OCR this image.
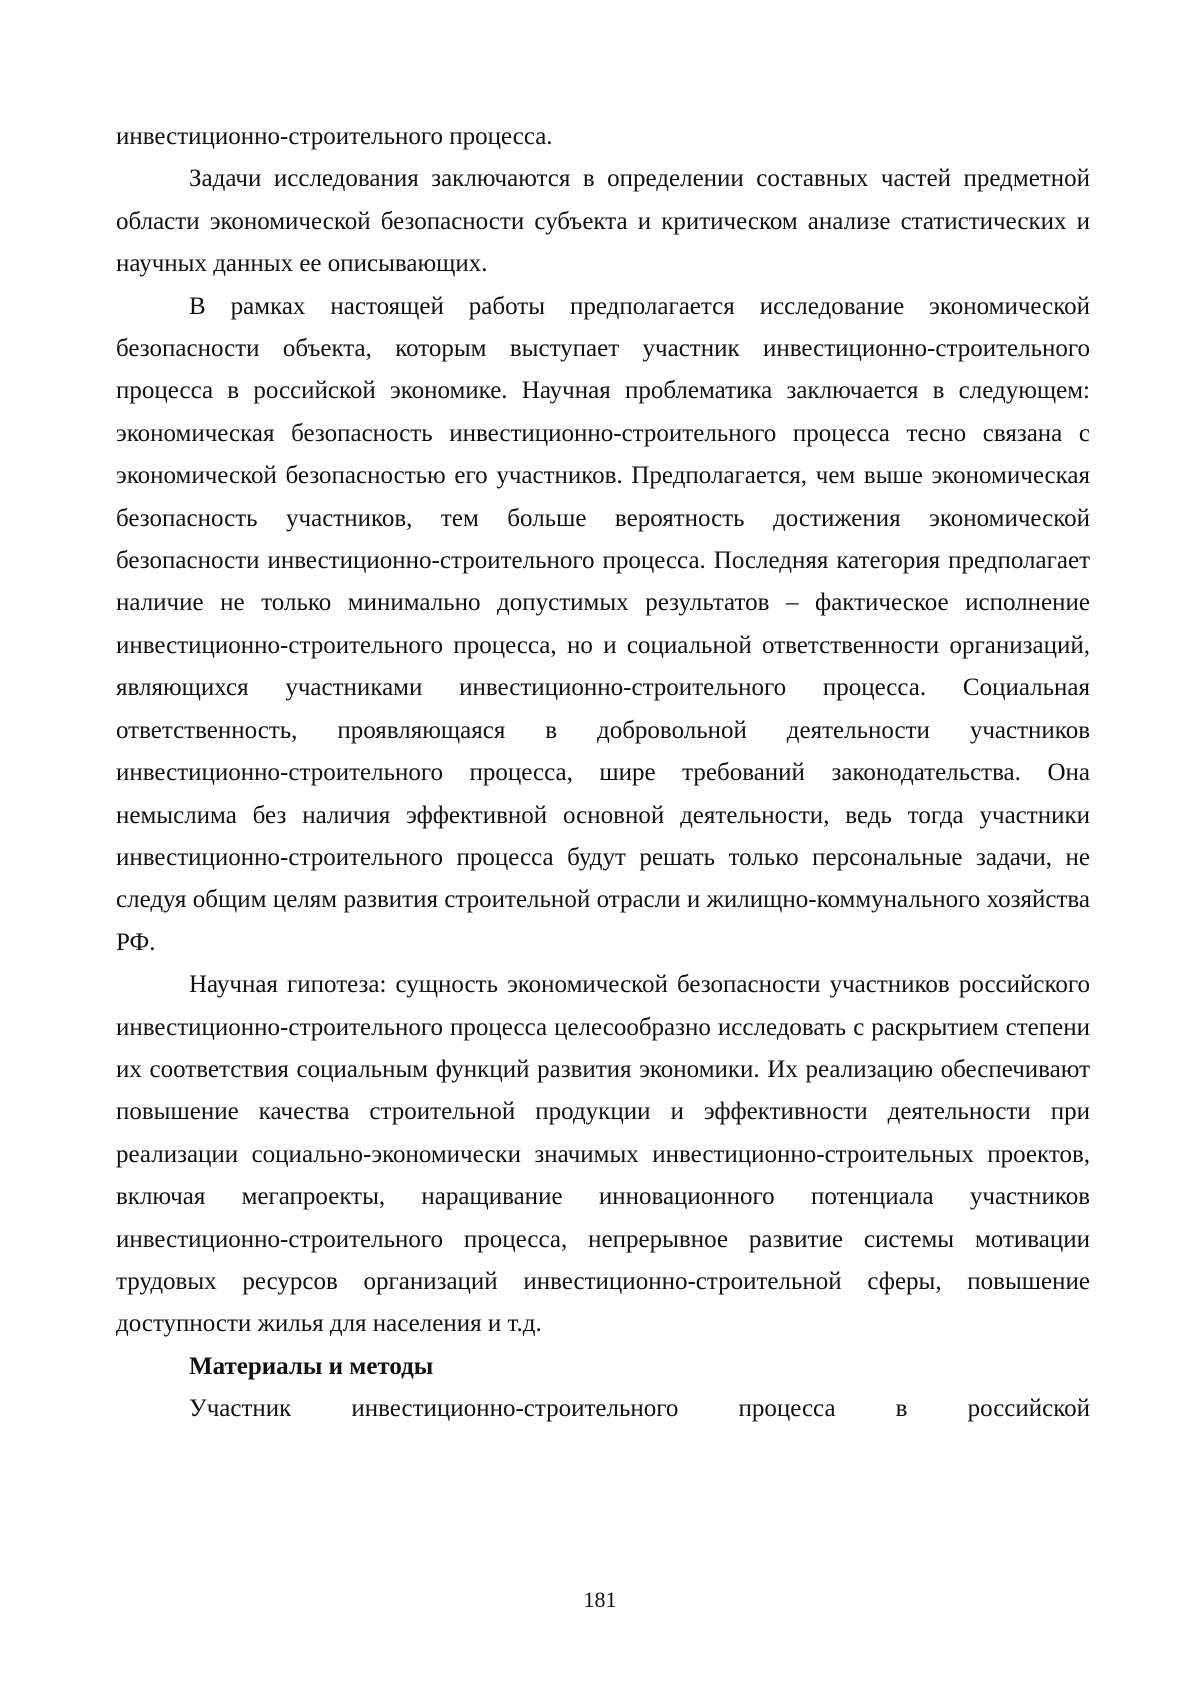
инвестиционно-строительного процесса.

Задачи исследования заключаются в определении составных частей предметной области экономической безопасности субъекта и критическом анализе статистических и научных данных ее описывающих.

В рамках настоящей работы предполагается исследование экономической безопасности объекта, которым выступает участник инвестиционно-строительного процесса в российской экономике. Научная проблематика заключается в следующем: экономическая безопасность инвестиционно-строительного процесса тесно связана с экономической безопасностью его участников. Предполагается, чем выше экономическая безопасность участников, тем больше вероятность достижения экономической безопасности инвестиционно-строительного процесса. Последняя категория предполагает наличие не только минимально допустимых результатов – фактическое исполнение инвестиционно-строительного процесса, но и социальной ответственности организаций, являющихся участниками инвестиционно-строительного процесса. Социальная ответственность, проявляющаяся в добровольной деятельности участников инвестиционно-строительного процесса, шире требований законодательства. Она немыслима без наличия эффективной основной деятельности, ведь тогда участники инвестиционно-строительного процесса будут решать только персональные задачи, не следуя общим целям развития строительной отрасли и жилищно-коммунального хозяйства РФ.

Научная гипотеза: сущность экономической безопасности участников российского инвестиционно-строительного процесса целесообразно исследовать с раскрытием степени их соответствия социальным функций развития экономики. Их реализацию обеспечивают повышение качества строительной продукции и эффективности деятельности при реализации социально-экономически значимых инвестиционно-строительных проектов, включая мегапроекты, наращивание инновационного потенциала участников инвестиционно-строительного процесса, непрерывное развитие системы мотивации трудовых ресурсов организаций инвестиционно-строительной сферы, повышение доступности жилья для населения и т.д.

Материалы и методы

Участник инвестиционно-строительного процесса в российской

181
